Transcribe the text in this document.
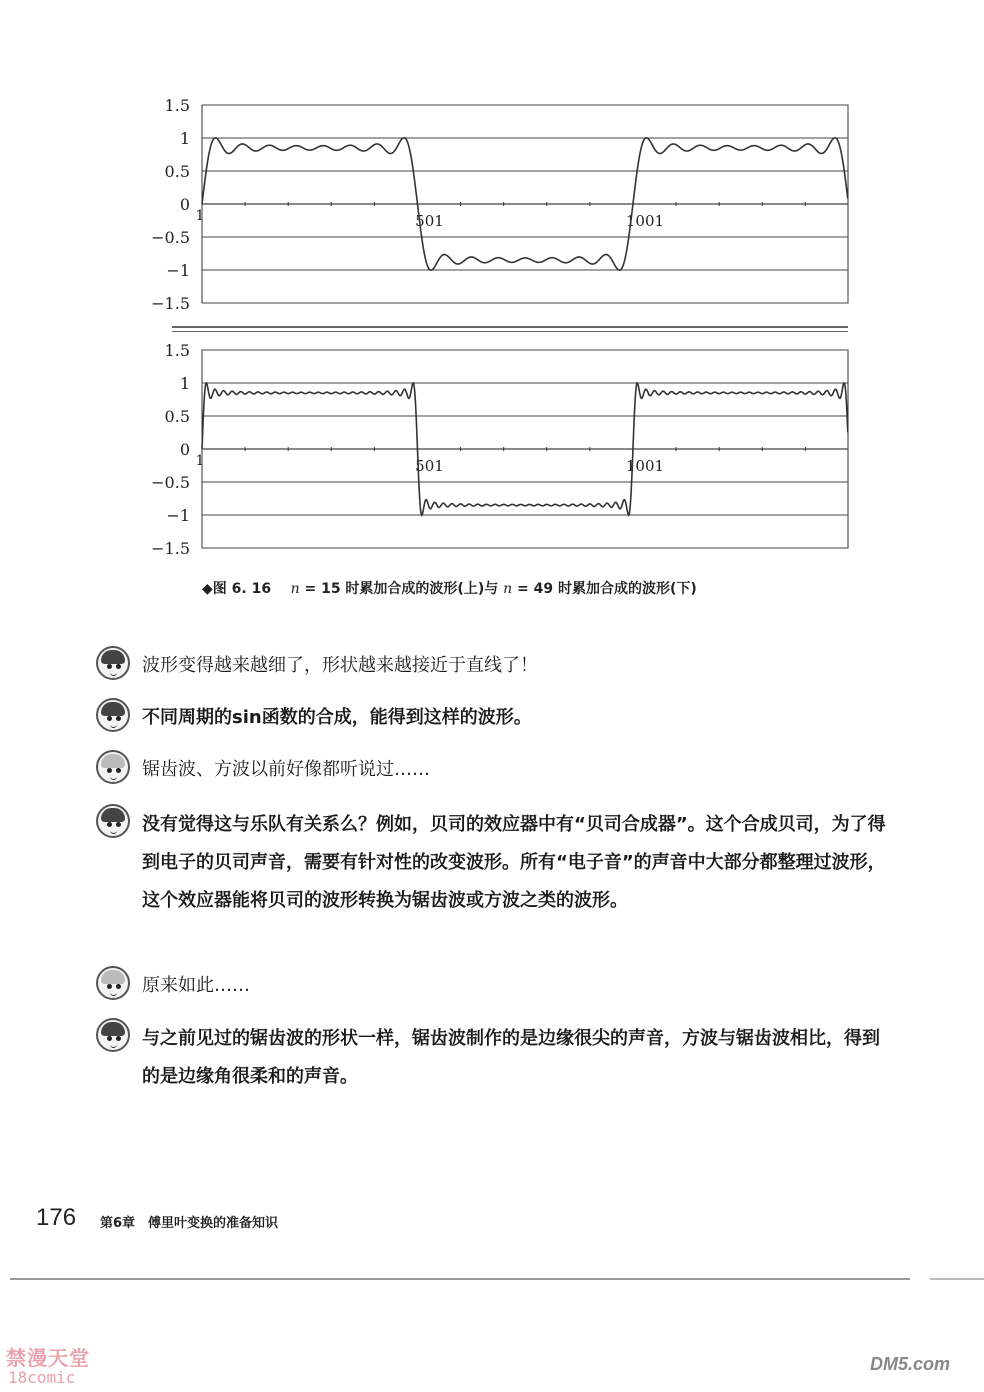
1.5
1
0.5
0
−0.5
−1
−1.5
1	501	1001
1.5
1
0.5
0
−0.5
−1
−1.5
1	501	1001
◆图 6. 16 n = 15 时累加合成的波形(上)与 n = 49 时累加合成的波形(下)
波形变得越来越细了，形状越来越接近于直线了！
不同周期的sin函数的合成，能得到这样的波形。
锯齿波、方波以前好像都听说过……
没有觉得这与乐队有关系么？例如，贝司的效应器中有“贝司合成器”。这个合成贝司，为了得到电子的贝司声音，需要有针对性的改变波形。所有“电子音”的声音中大部分都整理过波形，这个效应器能将贝司的波形转换为锯齿波或方波之类的波形。
原来如此……
与之前见过的锯齿波的形状一样，锯齿波制作的是边缘很尖的声音，方波与锯齿波相比，得到的是边缘角很柔和的声音。
176 第6章　傅里叶变换的准备知识
禁漫天堂
18comic
DM5.com
